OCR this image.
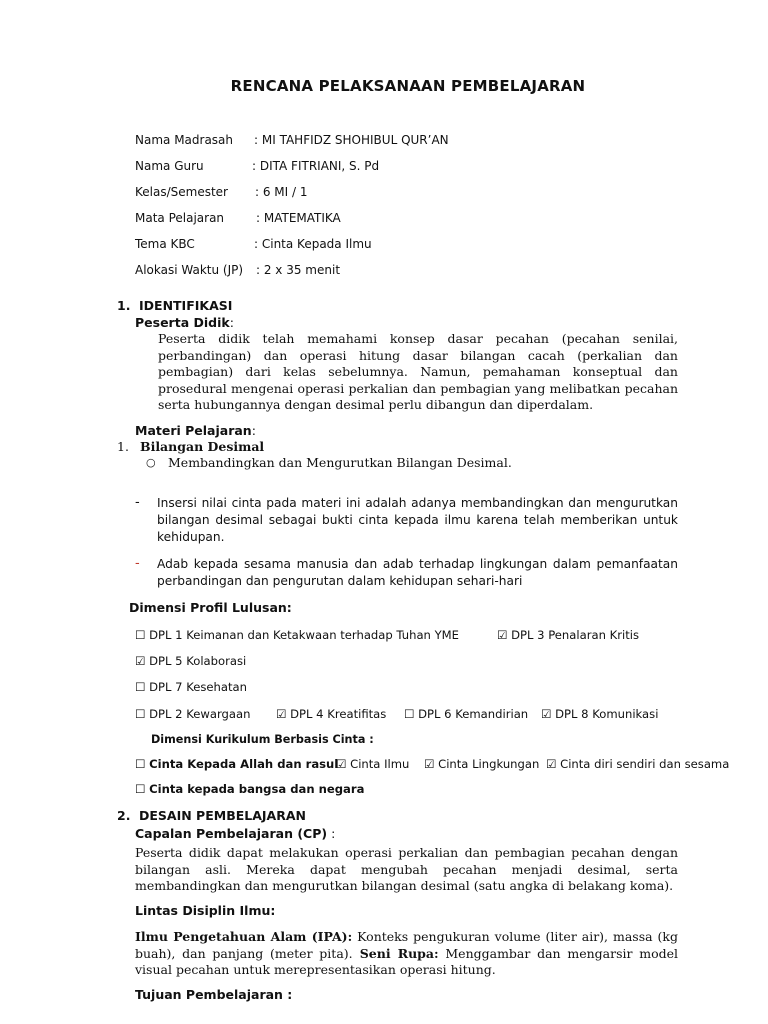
RENCANA PELAKSANAAN PEMBELAJARAN
Nama Madrasah : MI TAHFIDZ SHOHIBUL QUR’AN
Nama Guru	: DITA FITRIANI, S. Pd
Kelas/Semester : 6 MI / 1
Mata Pelajaran	: MATEMATIKA
Tema KBC	: Cinta Kepada Ilmu
Alokasi Waktu (JP) : 2 x 35 menit
1. IDENTIFIKASI
Peserta Didik:
Peserta didik telah memahami konsep dasar pecahan (pecahan senilai, perbandingan) dan operasi hitung dasar bilangan cacah (perkalian dan pembagian) dari kelas sebelumnya. Namun, pemahaman konseptual dan prosedural mengenai operasi perkalian dan pembagian yang melibatkan pecahan serta hubungannya dengan desimal perlu dibangun dan diperdalam.
Materi Pelajaran:
1. Bilangan Desimal
○ Membandingkan dan Mengurutkan Bilangan Desimal.
- Insersi nilai cinta pada materi ini adalah adanya membandingkan dan mengurutkan bilangan desimal sebagai bukti cinta kepada ilmu karena telah memberikan untuk kehidupan.
- Adab kepada sesama manusia dan adab terhadap lingkungan dalam pemanfaatan perbandingan dan pengurutan dalam kehidupan sehari-hari
Dimensi Profil Lulusan:
☐ DPL 1 Keimanan dan Ketakwaan terhadap Tuhan YME	☑ DPL 3 Penalaran Kritis
☑ DPL 5 Kolaborasi
☐ DPL 7 Kesehatan
☐ DPL 2 Kewargaan ☑ DPL 4 Kreatifitas ☐ DPL 6 Kemandirian ☑ DPL 8 Komunikasi
Dimensi Kurikulum Berbasis Cinta :
☐ Cinta Kepada Allah dan rasul
☑ Cinta Ilmu ☑ Cinta Lingkungan ☑ Cinta diri sendiri dan sesama
☐ Cinta kepada bangsa dan negara
2. DESAIN PEMBELAJARAN
Capalan Pembelajaran (CP) :
Peserta didik dapat melakukan operasi perkalian dan pembagian pecahan dengan bilangan asli. Mereka dapat mengubah pecahan menjadi desimal, serta membandingkan dan mengurutkan bilangan desimal (satu angka di belakang koma).
Lintas Disiplin Ilmu:
Ilmu Pengetahuan Alam (IPA): Konteks pengukuran volume (liter air), massa (kg buah), dan panjang (meter pita). Seni Rupa: Menggambar dan mengarsir model visual pecahan untuk merepresentasikan operasi hitung.
Tujuan Pembelajaran :
